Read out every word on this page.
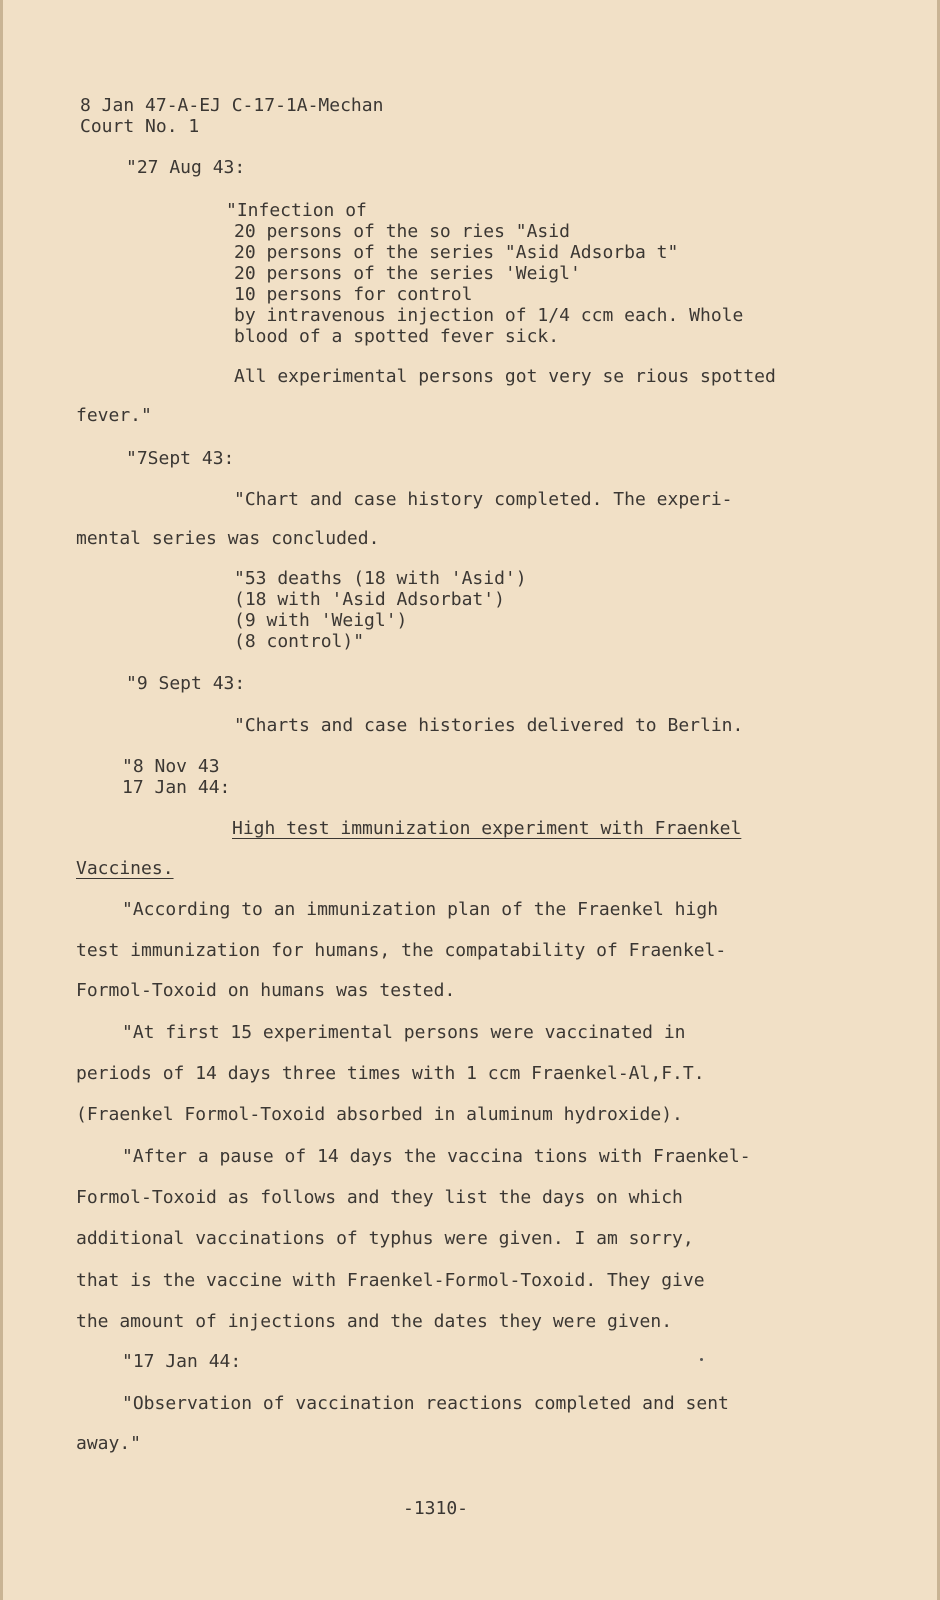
8 Jan 47-A-EJ C-17-1A-Mechan
Court No. 1
"27 Aug 43:
"Infection of
20 persons of the so ries "Asid
20 persons of the series "Asid Adsorba t"
20 persons of the series 'Weigl'
10 persons for control
by intravenous injection of 1/4 ccm each. Whole
blood of a spotted fever sick.
All experimental persons got very se rious spotted
fever."
"7Sept 43:
"Chart and case history completed. The experi-
mental series was concluded.
"53 deaths (18 with 'Asid')
(18 with 'Asid Adsorbat')
(9 with 'Weigl')
(8 control)"
"9 Sept 43:
"Charts and case histories delivered to Berlin.
"8 Nov 43
17 Jan 44:
High test immunization experiment with Fraenkel
Vaccines.
"According to an immunization plan of the Fraenkel high
test immunization for humans, the compatability of Fraenkel-
Formol-Toxoid on humans was tested.
"At first 15 experimental persons were vaccinated in
periods of 14 days three times with 1 ccm Fraenkel-Al,F.T.
(Fraenkel Formol-Toxoid absorbed in aluminum hydroxide).
"After a pause of 14 days the vaccina tions with Fraenkel-
Formol-Toxoid as follows and they list the days on which
additional vaccinations of typhus were given. I am sorry,
that is the vaccine with Fraenkel-Formol-Toxoid. They give
the amount of injections and the dates they were given.
"17 Jan 44:
"Observation of vaccination reactions completed and sent
away."
-1310-
